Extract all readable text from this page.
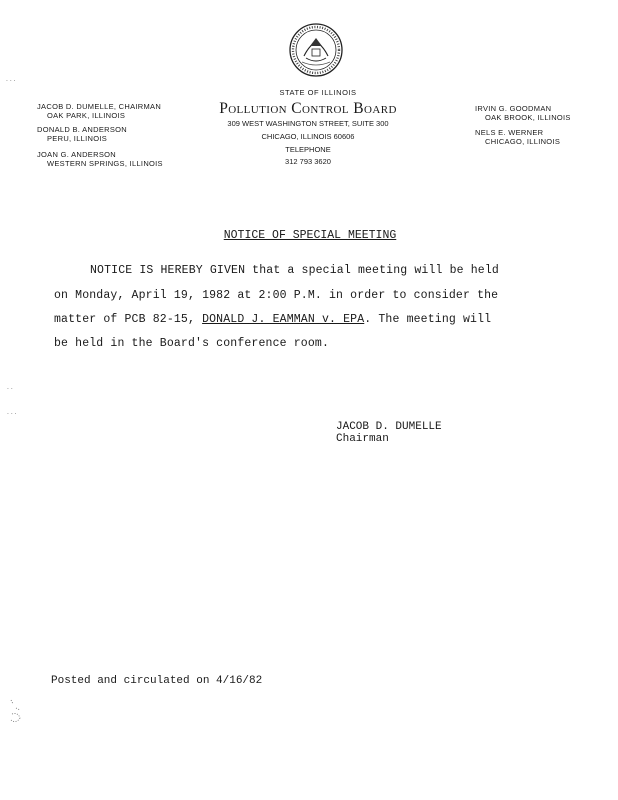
STATE OF ILLINOIS
Pollution Control Board
309 WEST WASHINGTON STREET, SUITE 300
CHICAGO, ILLINOIS 60606
TELEPHONE
312 793 3620
JACOB D. DUMELLE, CHAIRMAN
OAK PARK, ILLINOIS
DONALD B. ANDERSON
PERU, ILLINOIS
JOAN G. ANDERSON
WESTERN SPRINGS, ILLINOIS
IRVIN G. GOODMAN
OAK BROOK, ILLINOIS
NELS E. WERNER
CHICAGO, ILLINOIS
NOTICE OF SPECIAL MEETING
NOTICE IS HEREBY GIVEN that a special meeting will be held
on Monday, April 19, 1982 at 2:00 P.M. in order to consider the
matter of PCB 82-15, DONALD J. EAMMAN v. EPA. The meeting will
be held in the Board's conference room.
JACOB D. DUMELLE
Chairman
Posted and circulated on 4/16/82
. . .
. .
. . .
